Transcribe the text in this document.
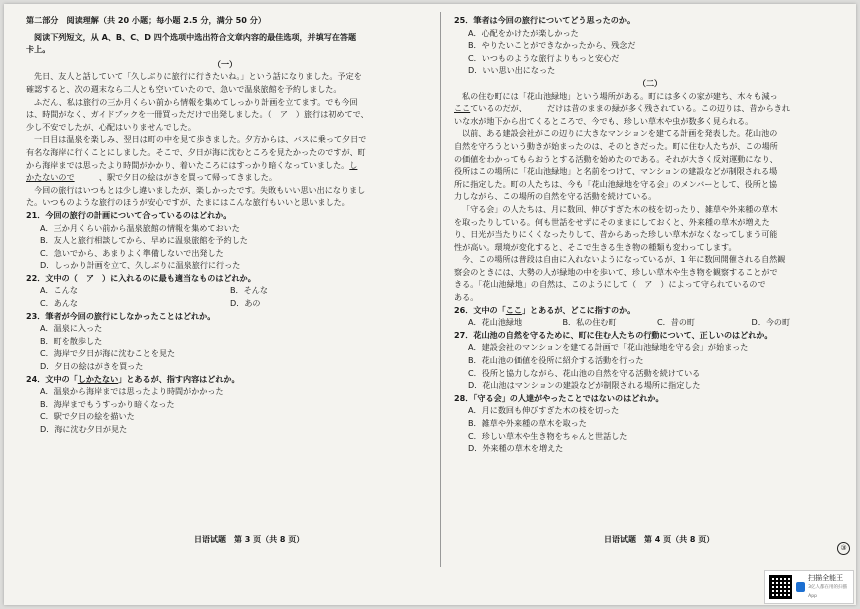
第二部分　阅读理解（共 20 小题；每小题 2.5 分，满分 50 分）
阅读下列短文，从 A、B、C、D 四个选项中选出符合文章内容的最佳选项，并填写在答题
卡上。
（一）
先日、友人と話していて「久しぶりに旅行に行きたいね。」という話になりました。予定を
確認すると、次の週末なら二人とも空いていたので、急いで温泉旅館を予約しました。
ふだん、私は旅行の三か月くらい前から情報を集めてしっかり計画を立てます。でも今回
は、時間がなく、ガイドブックを一冊買っただけで出発しました。（　ア　）旅行は初めてで、
少し不安でしたが、心配はいりませんでした。
一日目は温泉を楽しみ、翌日は町の中を見て歩きました。夕方からは、バスに乗って夕日で
有名な海岸に行くことにしました。そこで、夕日が海に沈むところを見たかったのですが、町
から海岸までは思ったより時間がかかり、着いたころにはすっかり暗くなっていました。し
かたないので　　　、駅で夕日の絵はがきを買って帰ってきました。
今回の旅行はいつもとは少し違いましたが、楽しかったです。失敗もいい思い出になりまし
た。いつものような旅行のほうが安心ですが、たまにはこんな旅行もいいと思いました。
21．今回の旅行の計画について合っているのはどれか。
A．三か月くらい前から温泉旅館の情報を集めておいた
B．友人と旅行相談してから、早めに温泉旅館を予約した
C．急いでから、あまりよく準備しないで出発した
D．しっかり計画を立て、久しぶりに温泉旅行に行った
22．文中の（　ア　）に入れるのに最も適当なものはどれか。
A．こんな	B．そんな
C．あんな	D．あの
23．筆者が今回の旅行にしなかったことはどれか。
A．温泉に入った
B．町を散歩した
C．海岸で夕日が海に沈むことを見た
D．夕日の絵はがきを買った
24．文中の「しかたない」とあるが、指す内容はどれか。
A．温泉から海岸までは思ったより時間がかかった
B．海岸までもうすっかり暗くなった
C．駅で夕日の絵を描いた
D．海に沈む夕日が見た
25．筆者は今回の旅行についてどう思ったのか。
A．心配をかけたが楽しかった
B．やりたいことができなかったから、残念だ
C．いつものような旅行よりもっと安心だ
D．いい思い出になった
（二）
私の住む町には「花山池緑地」という場所がある。町には多くの家が建ち、木々も減っ
ここているのだが、　　　だけは昔のままの緑が多く残されている。この辺りは、昔からきれ
いな水が地下から出てくるところで、今でも、珍しい草木や虫が数多く見られる。
以前、ある建設会社がこの辺りに大きなマンションを建てる計画を発表した。花山池の
自然を守ろうという動きが始まったのは、そのときだった。町に住む人たちが、この場所
の価値をわかってもらおうとする活動を始めたのである。それが大きく反対運動になり、
役所はこの場所に「花山池緑地」と名前をつけて、マンションの建設などが制限される場
所に指定した。町の人たちは、今も「花山池緑地を守る会」のメンバーとして、役所と協
力しながら、この場所の自然を守る活動を続けている。
「守る会」の人たちは、月に数回、伸びすぎた木の枝を切ったり、雑草や外来種の草木
を取ったりしている。何も世話をせずにそのままにしておくと、外来種の草木が増えた
り、日光が当たりにくくなったりして、昔からあった珍しい草木がなくなってしまう可能
性が高い。環境が変化すると、そこで生きる生き物の種類も変わってします。
今、この場所は普段は自由に入れないようになっているが、1 年に数回開催される自然観
察会のときには、大勢の人が緑地の中を歩いて、珍しい草木や生き物を観察することがで
きる。「花山池緑地」の自然は、このようにして（　ア　）によって守られているので
ある。
26．文中の「ここ」とあるが、どこに指すのか。
A．花山池緑地	B．私の住む町	C．昔の町	D．今の町
27．花山池の自然を守るために、町に住む人たちの行動について、正しいのはどれか。
A．建設会社のマンションを建てる計画で「花山池緑地を守る会」が始まった
B．花山池の価値を役所に紹介する活動を行った
C．役所と協力しながら、花山池の自然を守る活動を続けている
D．花山池はマンションの建設などが制限される場所に指定した
28．「守る会」の人達がやったことではないのはどれか。
A．月に数回も伸びすぎた木の枝を切った
B．雑草や外来種の草木を取った
C．珍しい草木や生き物をちゃんと世話した
D．外来種の草木を増えた
日语试题　第 3 页（共 8 页）	日语试题　第 4 页（共 8 页）
③
扫描全能王
3亿人都在用的扫描App
